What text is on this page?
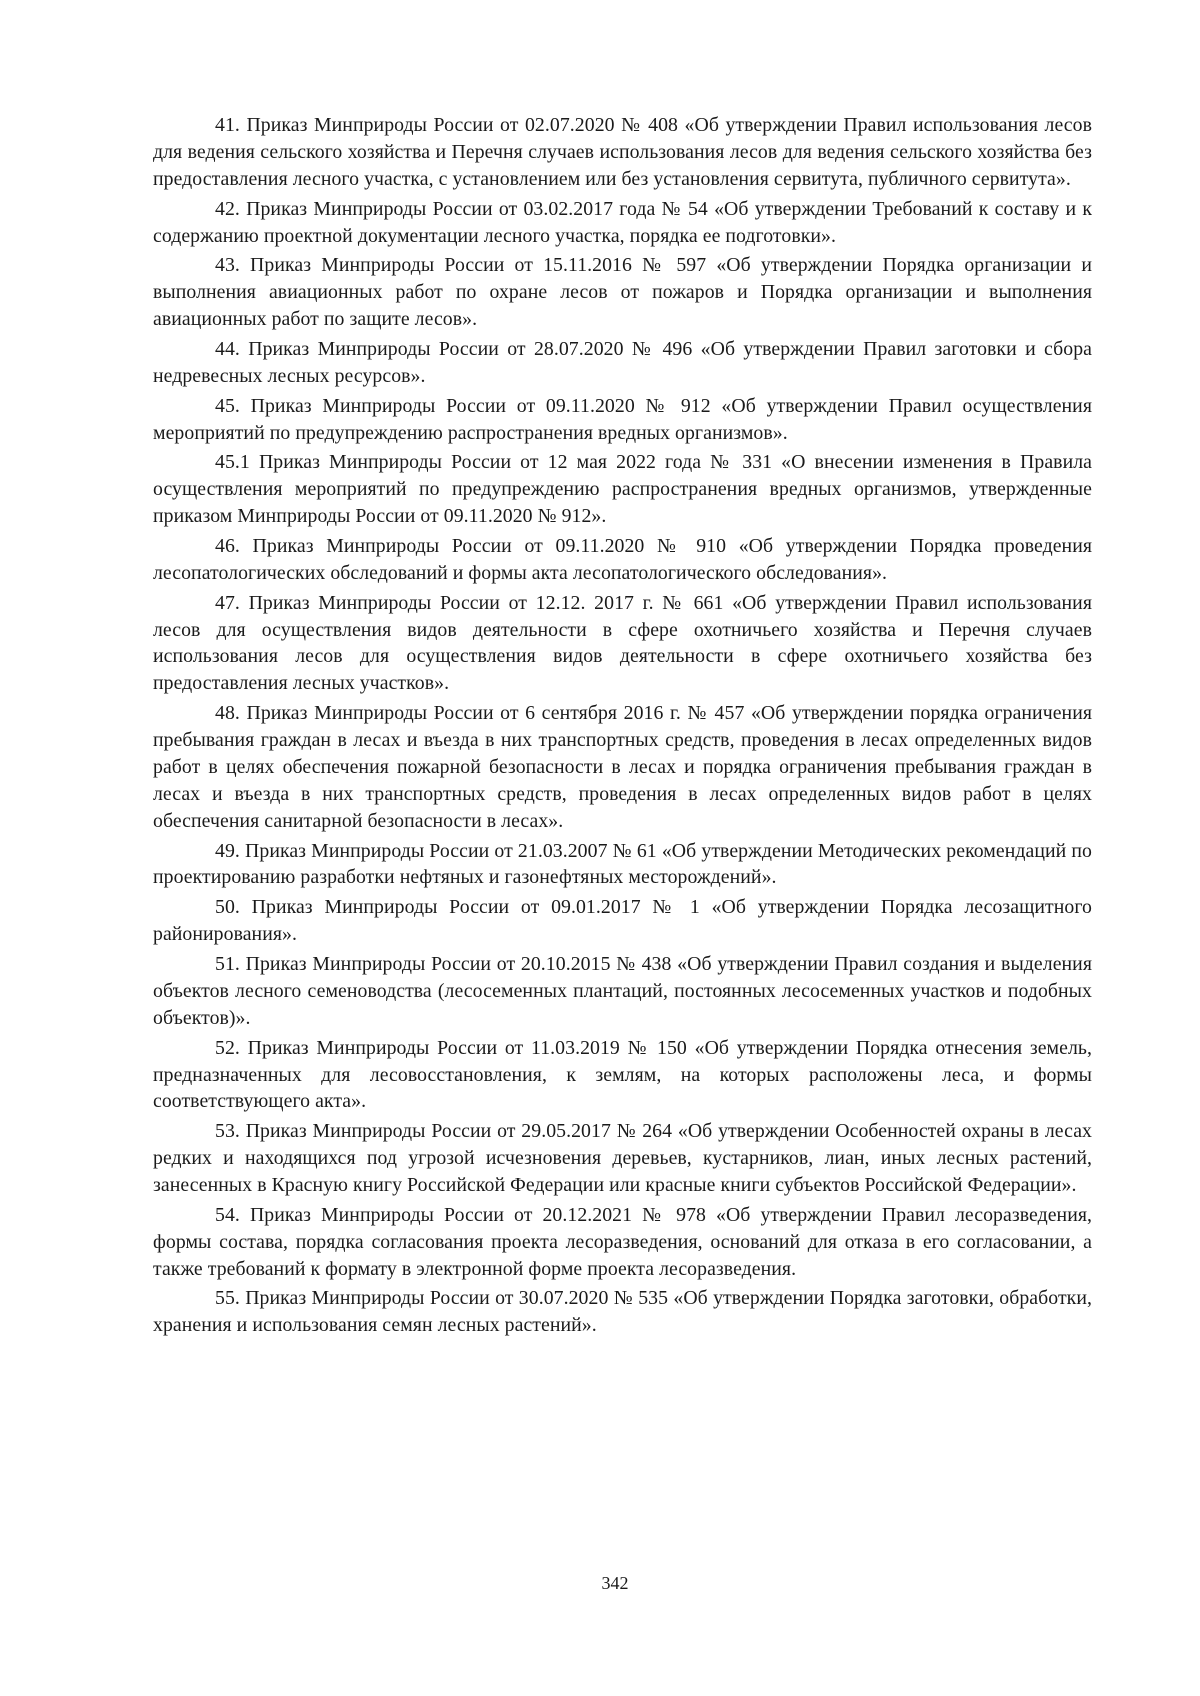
41. Приказ Минприроды России от 02.07.2020 № 408 «Об утверждении Правил использования лесов для ведения сельского хозяйства и Перечня случаев использования лесов для ведения сельского хозяйства без предоставления лесного участка, с установлением или без установления сервитута, публичного сервитута».

42. Приказ Минприроды России от 03.02.2017 года № 54 «Об утверждении Требований к составу и к содержанию проектной документации лесного участка, порядка ее подготовки».

43. Приказ Минприроды России от 15.11.2016 № 597 «Об утверждении Порядка организации и выполнения авиационных работ по охране лесов от пожаров и Порядка организации и выполнения авиационных работ по защите лесов».

44. Приказ Минприроды России от 28.07.2020 № 496 «Об утверждении Правил заготовки и сбора недревесных лесных ресурсов».

45. Приказ Минприроды России от 09.11.2020 № 912 «Об утверждении Правил осуществления мероприятий по предупреждению распространения вредных организмов».

45.1 Приказ Минприроды России от 12 мая 2022 года № 331 «О внесении изменения в Правила осуществления мероприятий по предупреждению распространения вредных организмов, утвержденные приказом Минприроды России от 09.11.2020 № 912».

46. Приказ Минприроды России от 09.11.2020 № 910 «Об утверждении Порядка проведения лесопатологических обследований и формы акта лесопатологического обследования».

47. Приказ Минприроды России от 12.12. 2017 г. № 661 «Об утверждении Правил использования лесов для осуществления видов деятельности в сфере охотничьего хозяйства и Перечня случаев использования лесов для осуществления видов деятельности в сфере охотничьего хозяйства без предоставления лесных участков».

48. Приказ Минприроды России от 6 сентября 2016 г. № 457 «Об утверждении порядка ограничения пребывания граждан в лесах и въезда в них транспортных средств, проведения в лесах определенных видов работ в целях обеспечения пожарной безопасности в лесах и порядка ограничения пребывания граждан в лесах и въезда в них транспортных средств, проведения в лесах определенных видов работ в целях обеспечения санитарной безопасности в лесах».

49. Приказ Минприроды России от 21.03.2007 № 61 «Об утверждении Методических рекомендаций по проектированию разработки нефтяных и газонефтяных месторождений».

50. Приказ Минприроды России от 09.01.2017 № 1 «Об утверждении Порядка лесозащитного районирования».

51. Приказ Минприроды России от 20.10.2015 № 438 «Об утверждении Правил создания и выделения объектов лесного семеноводства (лесосеменных плантаций, постоянных лесосеменных участков и подобных объектов)».

52. Приказ Минприроды России от 11.03.2019 № 150 «Об утверждении Порядка отнесения земель, предназначенных для лесовосстановления, к землям, на которых расположены леса, и формы соответствующего акта».

53. Приказ Минприроды России от 29.05.2017 № 264 «Об утверждении Особенностей охраны в лесах редких и находящихся под угрозой исчезновения деревьев, кустарников, лиан, иных лесных растений, занесенных в Красную книгу Российской Федерации или красные книги субъектов Российской Федерации».

54. Приказ Минприроды России от 20.12.2021 № 978 «Об утверждении Правил лесоразведения, формы состава, порядка согласования проекта лесоразведения, оснований для отказа в его согласовании, а также требований к формату в электронной форме проекта лесоразведения.

55. Приказ Минприроды России от 30.07.2020 № 535 «Об утверждении Порядка заготовки, обработки, хранения и использования семян лесных растений».

342
